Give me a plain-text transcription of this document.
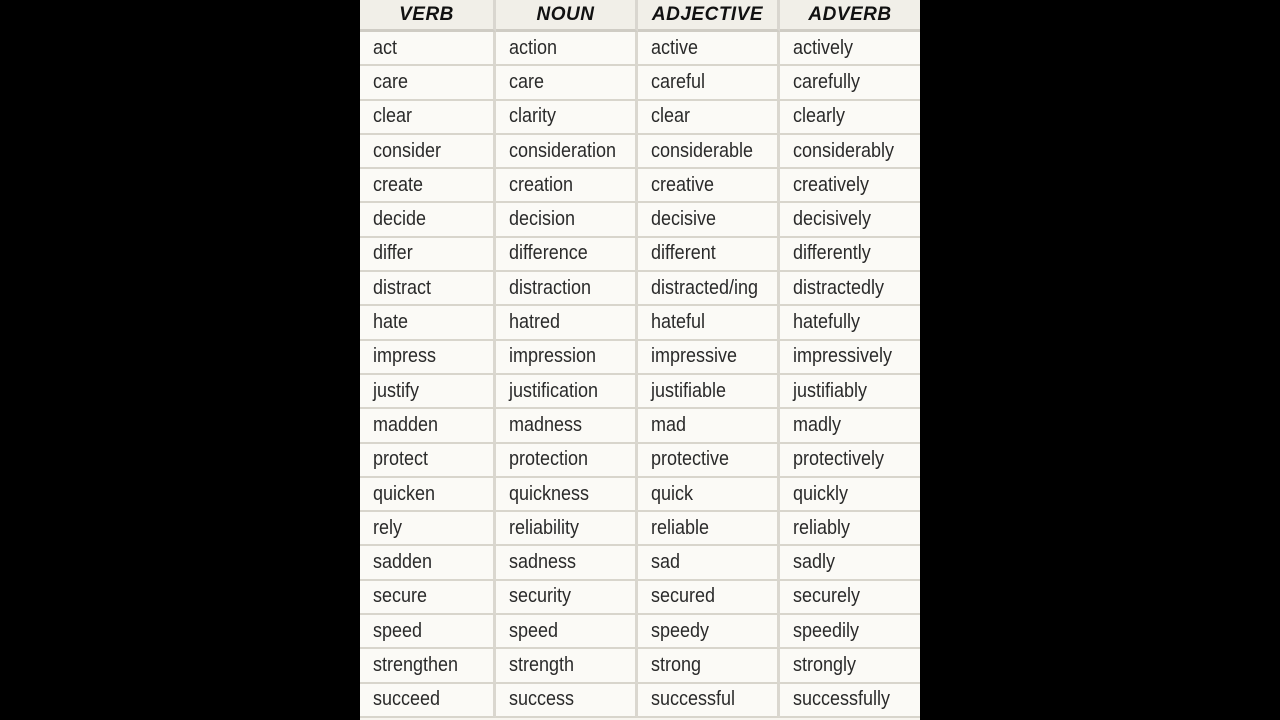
VERB	NOUN	ADJECTIVE	ADVERB
act	action	active	actively
care	care	careful	carefully
clear	clarity	clear	clearly
consider	consideration	considerable	considerably
create	creation	creative	creatively
decide	decision	decisive	decisively
differ	difference	different	differently
distract	distraction	distracted/ing	distractedly
hate	hatred	hateful	hatefully
impress	impression	impressive	impressively
justify	justification	justifiable	justifiably
madden	madness	mad	madly
protect	protection	protective	protectively
quicken	quickness	quick	quickly
rely	reliability	reliable	reliably
sadden	sadness	sad	sadly
secure	security	secured	securely
speed	speed	speedy	speedily
strengthen	strength	strong	strongly
succeed	success	successful	successfully
